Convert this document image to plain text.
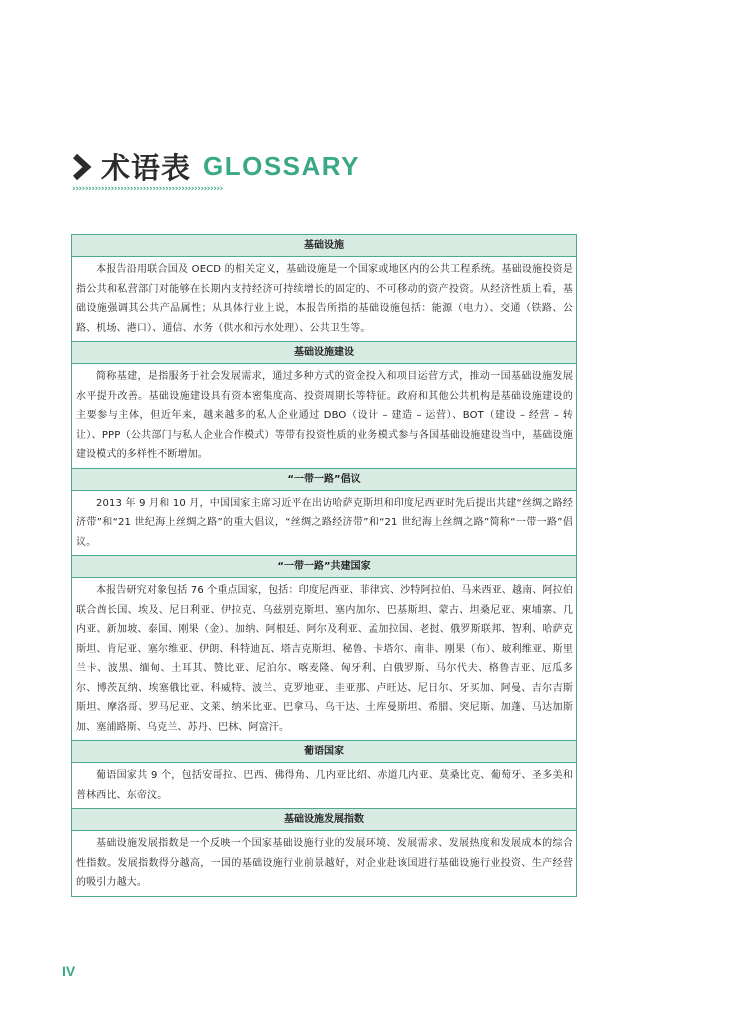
术语表 GLOSSARY
›››››››››››››››››››››››››››››››››››››››››››››››
基础设施
本报告沿用联合国及 OECD 的相关定义，基础设施是一个国家或地区内的公共工程系统。基础设施投资是指公共和私营部门对能够在长期内支持经济可持续增长的固定的、不可移动的资产投资。从经济性质上看，基础设施强调其公共产品属性；从具体行业上说，本报告所指的基础设施包括：能源（电力）、交通（铁路、公路、机场、港口）、通信、水务（供水和污水处理）、公共卫生等。
基础设施建设
简称基建，是指服务于社会发展需求，通过多种方式的资金投入和项目运营方式，推动一国基础设施发展水平提升改善。基础设施建设具有资本密集度高、投资周期长等特征。政府和其他公共机构是基础设施建设的主要参与主体，但近年来，越来越多的私人企业通过 DBO（设计 – 建造 – 运营）、BOT（建设 – 经营 – 转让）、PPP（公共部门与私人企业合作模式）等带有投资性质的业务模式参与各国基础设施建设当中，基础设施建设模式的多样性不断增加。
“一带一路”倡议
2013 年 9 月和 10 月，中国国家主席习近平在出访哈萨克斯坦和印度尼西亚时先后提出共建“丝绸之路经济带”和“21 世纪海上丝绸之路”的重大倡议，“丝绸之路经济带”和“21 世纪海上丝绸之路”简称“一带一路”倡议。
“一带一路”共建国家
本报告研究对象包括 76 个重点国家，包括：印度尼西亚、菲律宾、沙特阿拉伯、马来西亚、越南、阿拉伯联合酋长国、埃及、尼日利亚、伊拉克、乌兹别克斯坦、塞内加尔、巴基斯坦、蒙古、坦桑尼亚、柬埔寨、几内亚、新加坡、泰国、刚果（金）、加纳、阿根廷、阿尔及利亚、孟加拉国、老挝、俄罗斯联邦、智利、哈萨克斯坦、肯尼亚、塞尔维亚、伊朗、科特迪瓦、塔吉克斯坦、秘鲁、卡塔尔、南非、刚果（布）、玻利维亚、斯里兰卡、波黑、缅甸、土耳其、赞比亚、尼泊尔、喀麦隆、匈牙利、白俄罗斯、马尔代夫、格鲁吉亚、厄瓜多尔、博茨瓦纳、埃塞俄比亚、科威特、波兰、克罗地亚、圭亚那、卢旺达、尼日尔、牙买加、阿曼、吉尔吉斯斯坦、摩洛哥、罗马尼亚、文莱、纳米比亚、巴拿马、乌干达、土库曼斯坦、希腊、突尼斯、加蓬、马达加斯加、塞浦路斯、乌克兰、苏丹、巴林、阿富汗。
葡语国家
葡语国家共 9 个，包括安哥拉、巴西、佛得角、几内亚比绍、赤道几内亚、莫桑比克、葡萄牙、圣多美和普林西比、东帝汶。
基础设施发展指数
基础设施发展指数是一个反映一个国家基础设施行业的发展环境、发展需求、发展热度和发展成本的综合性指数。发展指数得分越高，一国的基础设施行业前景越好，对企业赴该国进行基础设施行业投资、生产经营的吸引力越大。
IV
